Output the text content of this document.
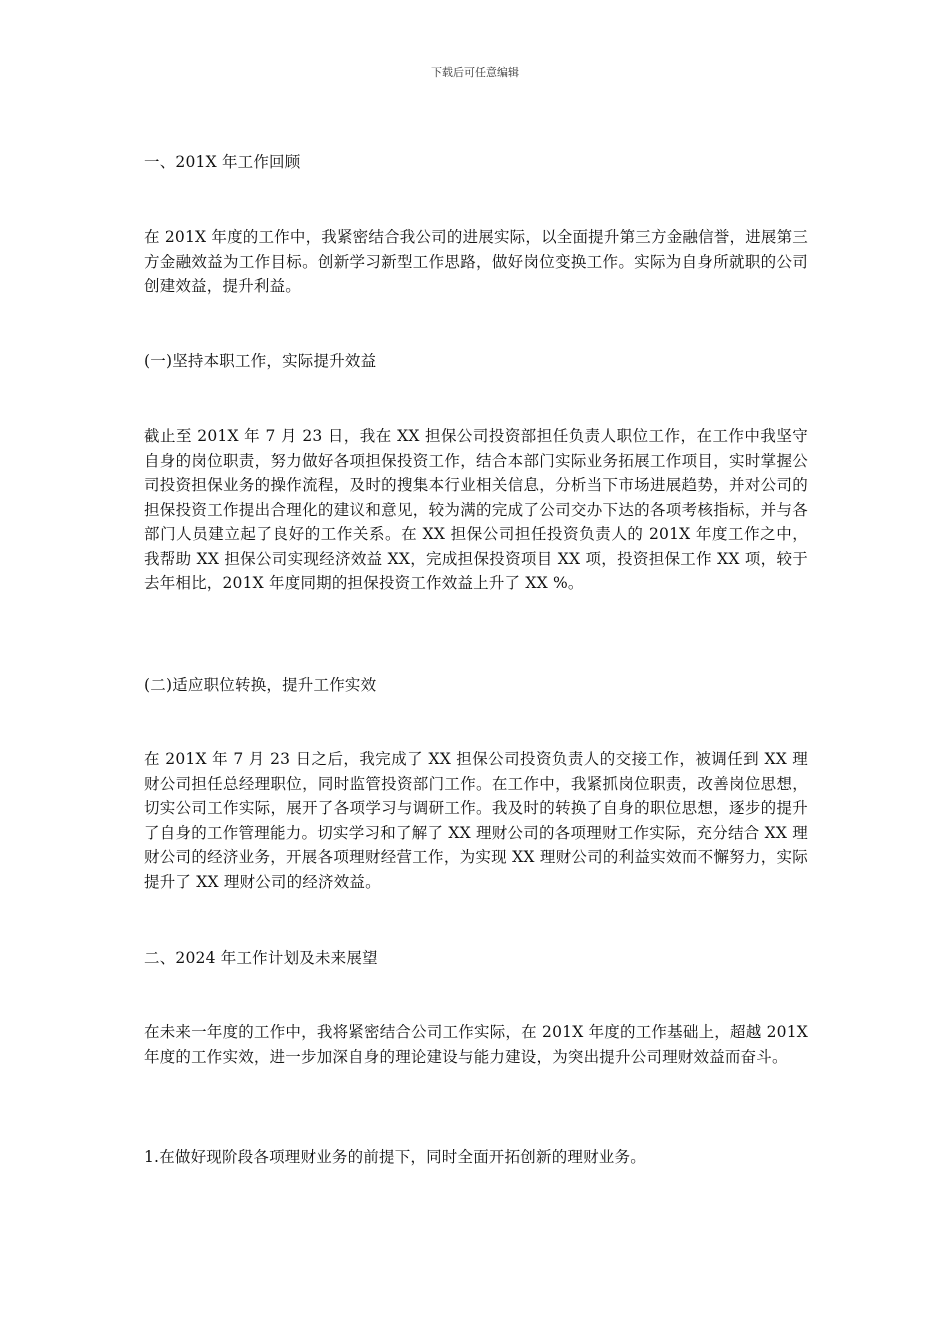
下载后可任意编辑
一、201X 年工作回顾

在 201X 年度的工作中，我紧密结合我公司的进展实际，以全面提升第三方金融信誉，进展第三方金融效益为工作目标。创新学习新型工作思路，做好岗位变换工作。实际为自身所就职的公司创建效益，提升利益。

(一)坚持本职工作，实际提升效益

截止至 201X 年 7 月 23 日，我在 XX 担保公司投资部担任负责人职位工作，在工作中我坚守自身的岗位职责，努力做好各项担保投资工作，结合本部门实际业务拓展工作项目，实时掌握公司投资担保业务的操作流程，及时的搜集本行业相关信息，分析当下市场进展趋势，并对公司的担保投资工作提出合理化的建议和意见，较为满的完成了公司交办下达的各项考核指标，并与各部门人员建立起了良好的工作关系。在 XX 担保公司担任投资负责人的 201X 年度工作之中，我帮助 XX 担保公司实现经济效益 XX，完成担保投资项目 XX 项，投资担保工作 XX 项，较于去年相比，201X 年度同期的担保投资工作效益上升了 XX %。

(二)适应职位转换，提升工作实效

在 201X 年 7 月 23 日之后，我完成了 XX 担保公司投资负责人的交接工作，被调任到 XX 理财公司担任总经理职位，同时监管投资部门工作。在工作中，我紧抓岗位职责，改善岗位思想，切实公司工作实际，展开了各项学习与调研工作。我及时的转换了自身的职位思想，逐步的提升了自身的工作管理能力。切实学习和了解了 XX 理财公司的各项理财工作实际，充分结合 XX 理财公司的经济业务，开展各项理财经营工作，为实现 XX 理财公司的利益实效而不懈努力，实际提升了 XX 理财公司的经济效益。

二、2024 年工作计划及未来展望

在未来一年度的工作中，我将紧密结合公司工作实际，在 201X 年度的工作基础上，超越 201X 年度的工作实效，进一步加深自身的理论建设与能力建设，为突出提升公司理财效益而奋斗。

1.在做好现阶段各项理财业务的前提下，同时全面开拓创新的理财业务。
